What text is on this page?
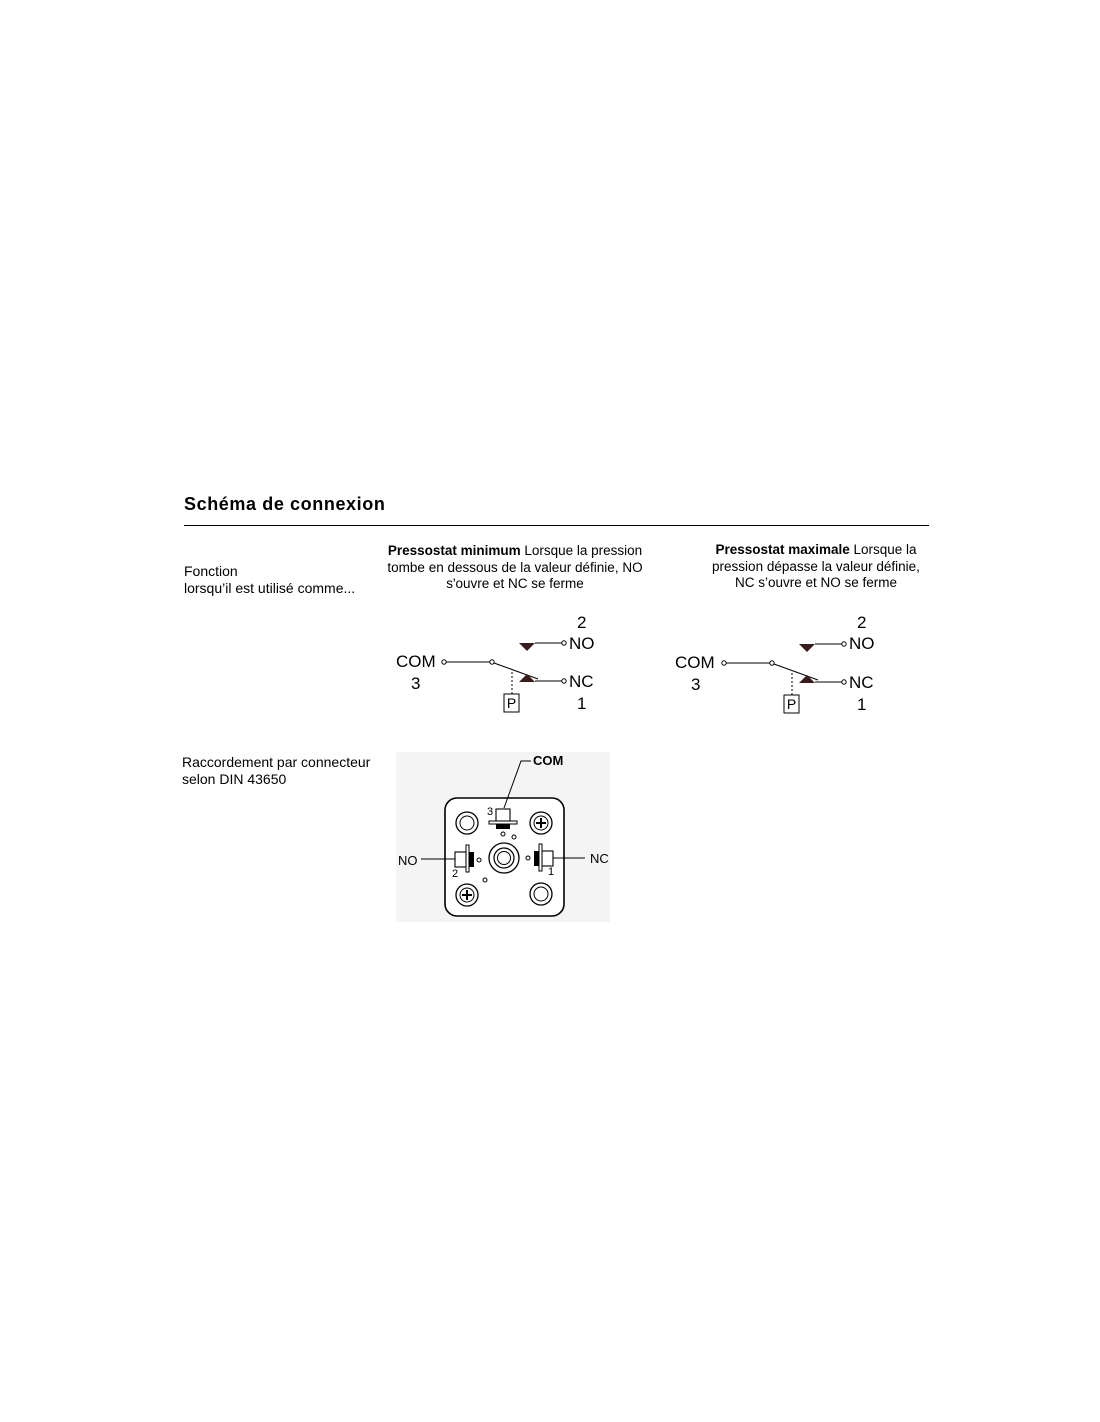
Schéma de connexion
Fonction
lorsqu’il est utilisé comme...
Pressostat minimum Lorsque la pression tombe en dessous de la valeur définie, NO s'ouvre et NC se ferme
Pressostat maximale Lorsque la pression dépasse la valeur définie, NC s’ouvre et NO se ferme
2
NO
COM
3	NC
1
P
2
NO
COM
3	NC
1
P
Raccordement par connecteur
selon DIN 43650
COM
NO	NC
3
2	1
